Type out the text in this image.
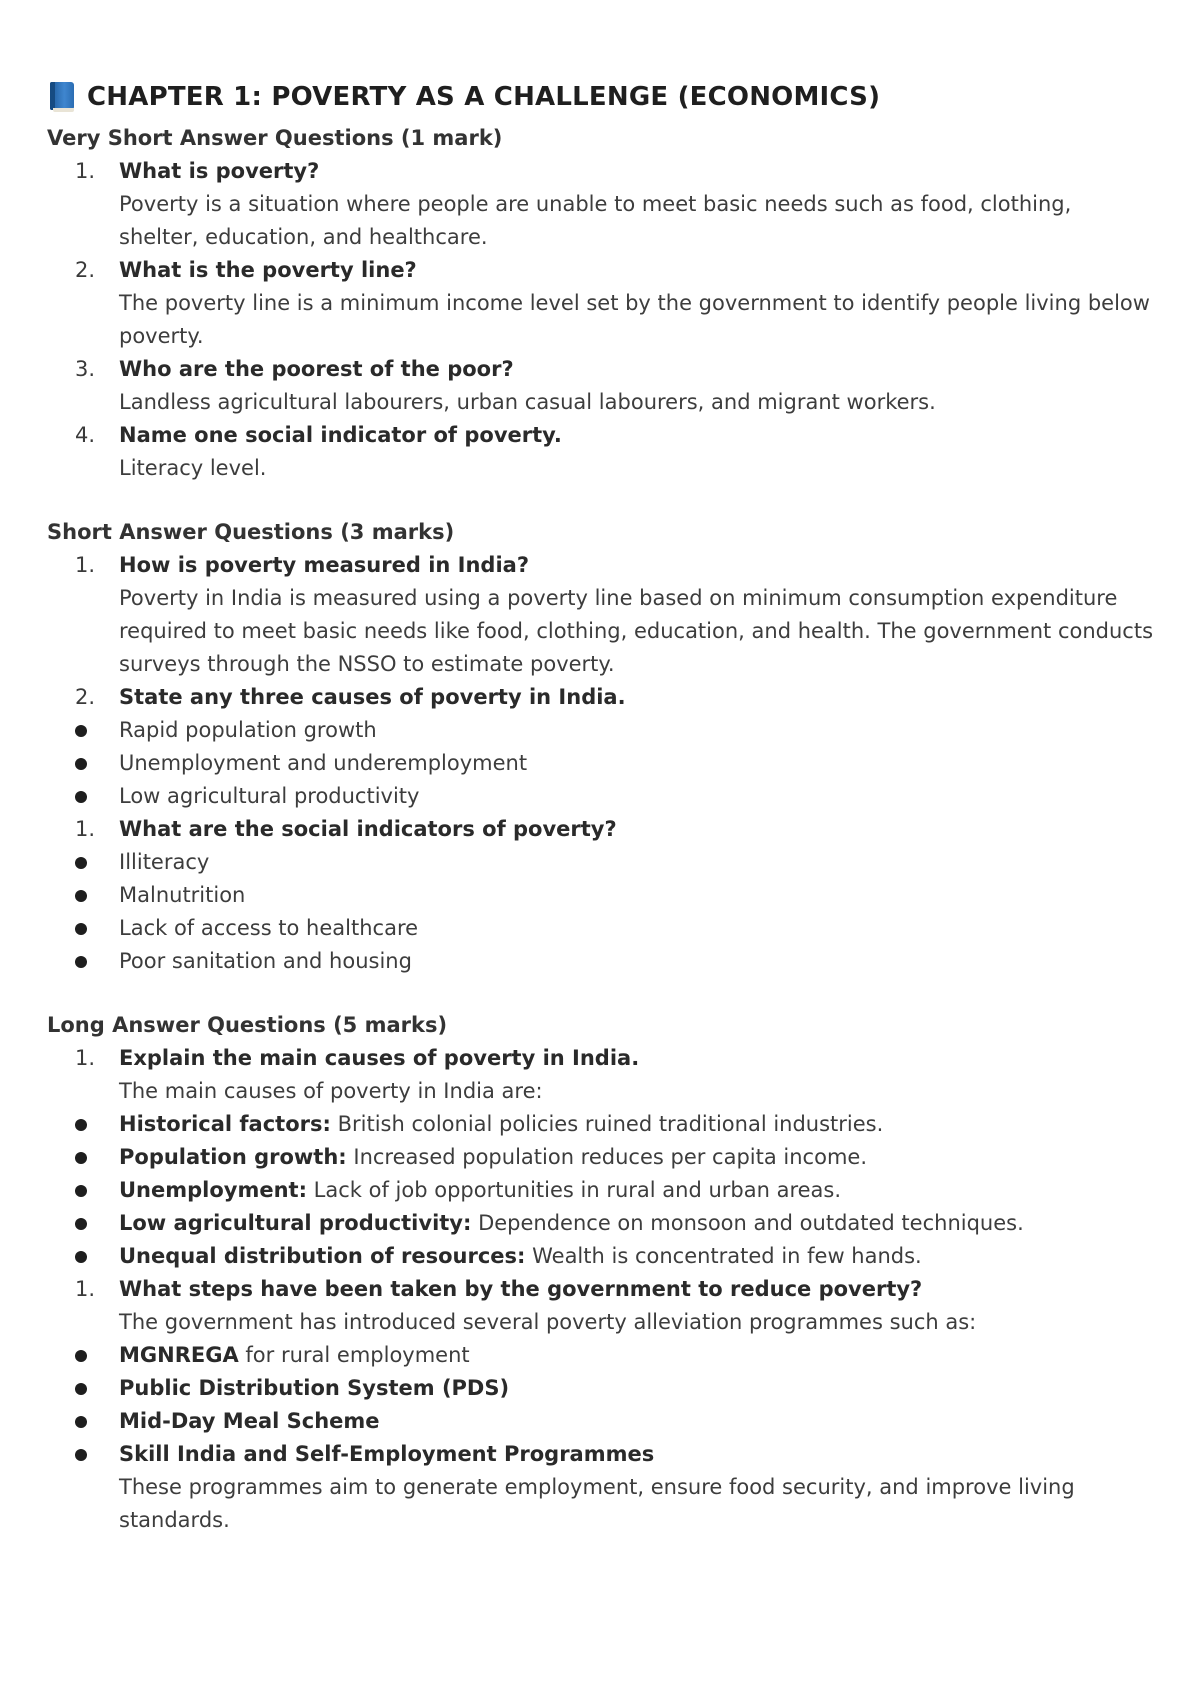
CHAPTER 1: POVERTY AS A CHALLENGE (ECONOMICS)
Very Short Answer Questions (1 mark)
1.	What is poverty?
Poverty is a situation where people are unable to meet basic needs such as food, clothing, shelter, education, and healthcare.
2.	What is the poverty line?
The poverty line is a minimum income level set by the government to identify people living below poverty.
3.	Who are the poorest of the poor?
Landless agricultural labourers, urban casual labourers, and migrant workers.
4.	Name one social indicator of poverty.
Literacy level.
Short Answer Questions (3 marks)
1.	How is poverty measured in India?
Poverty in India is measured using a poverty line based on minimum consumption expenditure required to meet basic needs like food, clothing, education, and health. The government conducts surveys through the NSSO to estimate poverty.
2.	State any three causes of poverty in India.
Rapid population growth
Unemployment and underemployment
Low agricultural productivity
1.	What are the social indicators of poverty?
Illiteracy
Malnutrition
Lack of access to healthcare
Poor sanitation and housing
Long Answer Questions (5 marks)
1.	Explain the main causes of poverty in India.
The main causes of poverty in India are:
Historical factors: British colonial policies ruined traditional industries.
Population growth: Increased population reduces per capita income.
Unemployment: Lack of job opportunities in rural and urban areas.
Low agricultural productivity: Dependence on monsoon and outdated techniques.
Unequal distribution of resources: Wealth is concentrated in few hands.
1.	What steps have been taken by the government to reduce poverty?
The government has introduced several poverty alleviation programmes such as:
MGNREGA for rural employment
Public Distribution System (PDS)
Mid-Day Meal Scheme
Skill India and Self-Employment Programmes
These programmes aim to generate employment, ensure food security, and improve living standards.
